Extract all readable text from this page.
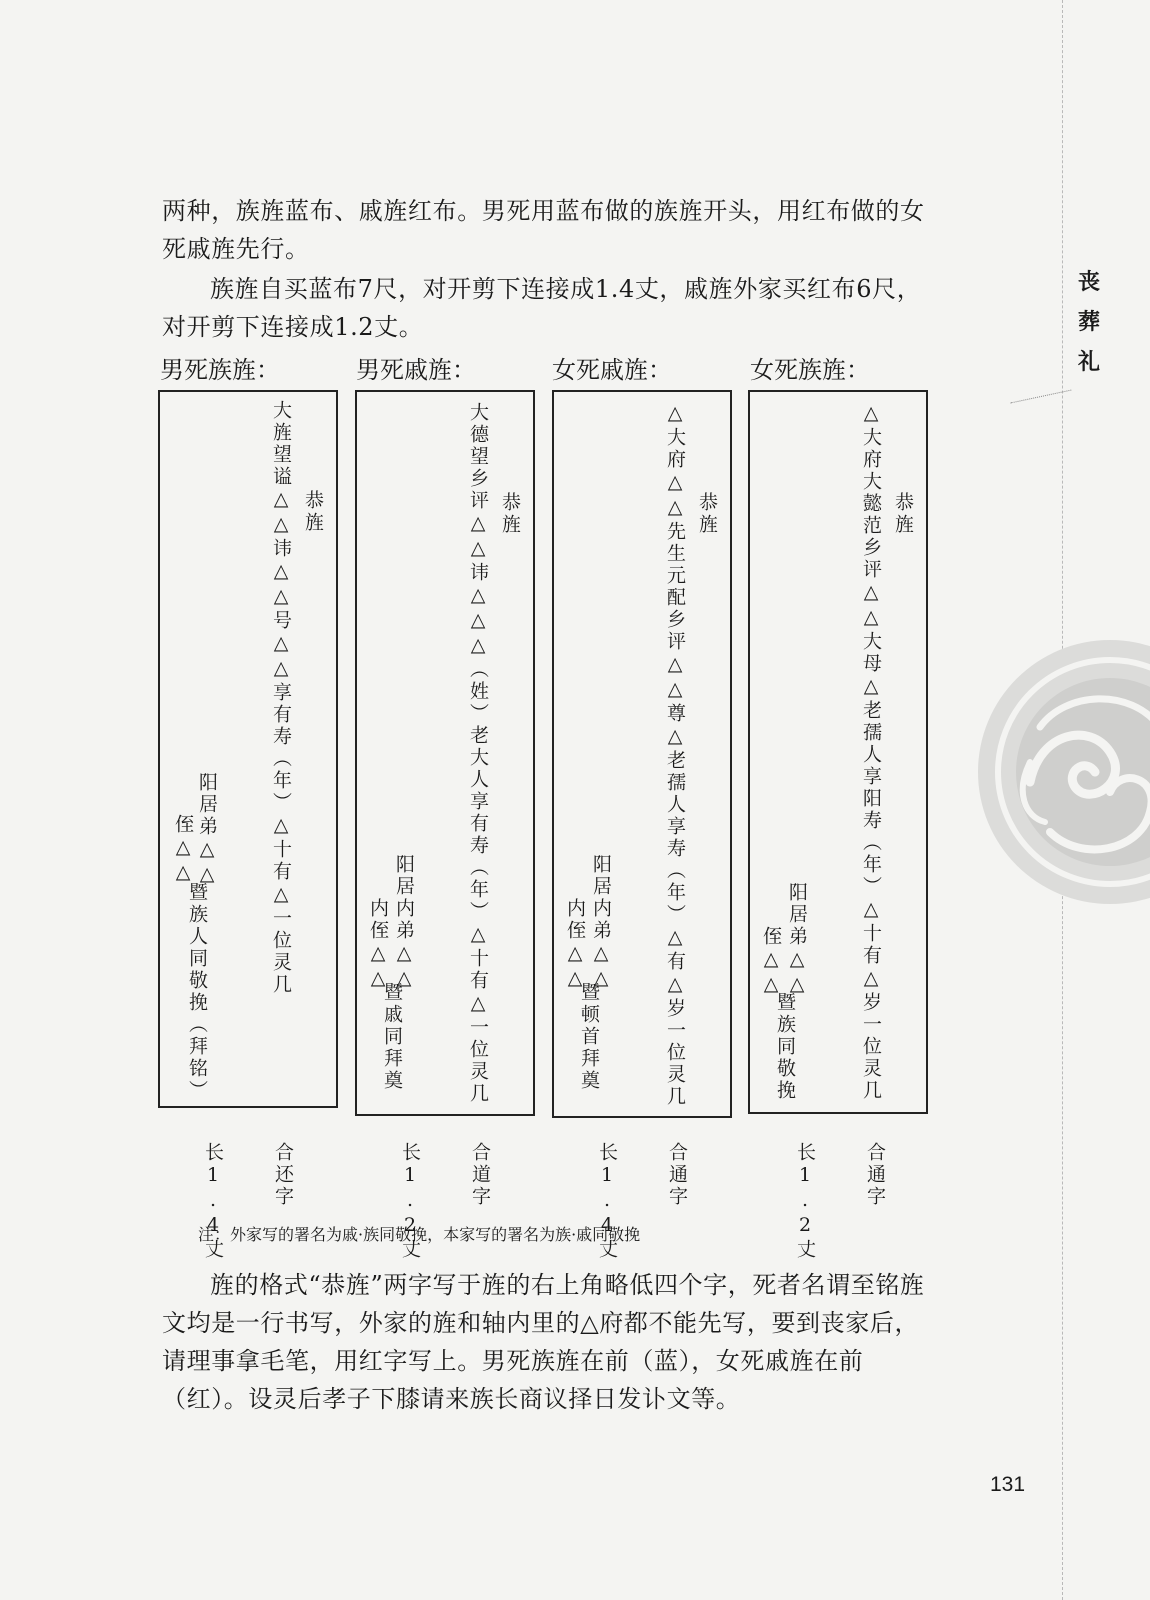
丧
葬
礼

两种，族旌蓝布、戚旌红布。男死用蓝布做的族旌开头，用红布做的女死戚旌先行。

族旌自买蓝布7尺，对开剪下连接成1.4丈，戚旌外家买红布6尺，对开剪下连接成1.2丈。

男死族旌：	男死戚旌：	女死戚旌：	女死族旌：
恭旌
大旌望谥△△讳△△号△△享有寿（年）△十有△一位灵几
阳居弟△△
侄△△
暨族人同敬挽（拜铭）
恭旌
大德望乡评△△讳△△△（姓）老大人享有寿（年）△十有△一位灵几
阳居内弟△△
内侄△△
暨戚同拜奠
恭旌
△大府△△先生元配乡评△△尊△老孺人享寿（年）△有△岁一位灵几
阳居内弟△△
内侄△△
暨顿首拜奠
恭旌
△大府大懿范乡评△△大母△老孺人享阳寿（年）△十有△岁一位灵几
阳居弟△△
侄△△
暨族同敬挽
长1.4丈	合还字	长1.2丈	合道字	长1.4丈	合通字	长1.2丈	合通字
注：外家写的署名为戚·族同敬挽，本家写的署名为族·戚同敬挽

旌的格式“恭旌”两字写于旌的右上角略低四个字，死者名谓至铭旌文均是一行书写，外家的旌和轴内里的△府都不能先写，要到丧家后，请理事拿毛笔，用红字写上。男死族旌在前（蓝），女死戚旌在前（红）。设灵后孝子下膝请来族长商议择日发讣文等。

131
